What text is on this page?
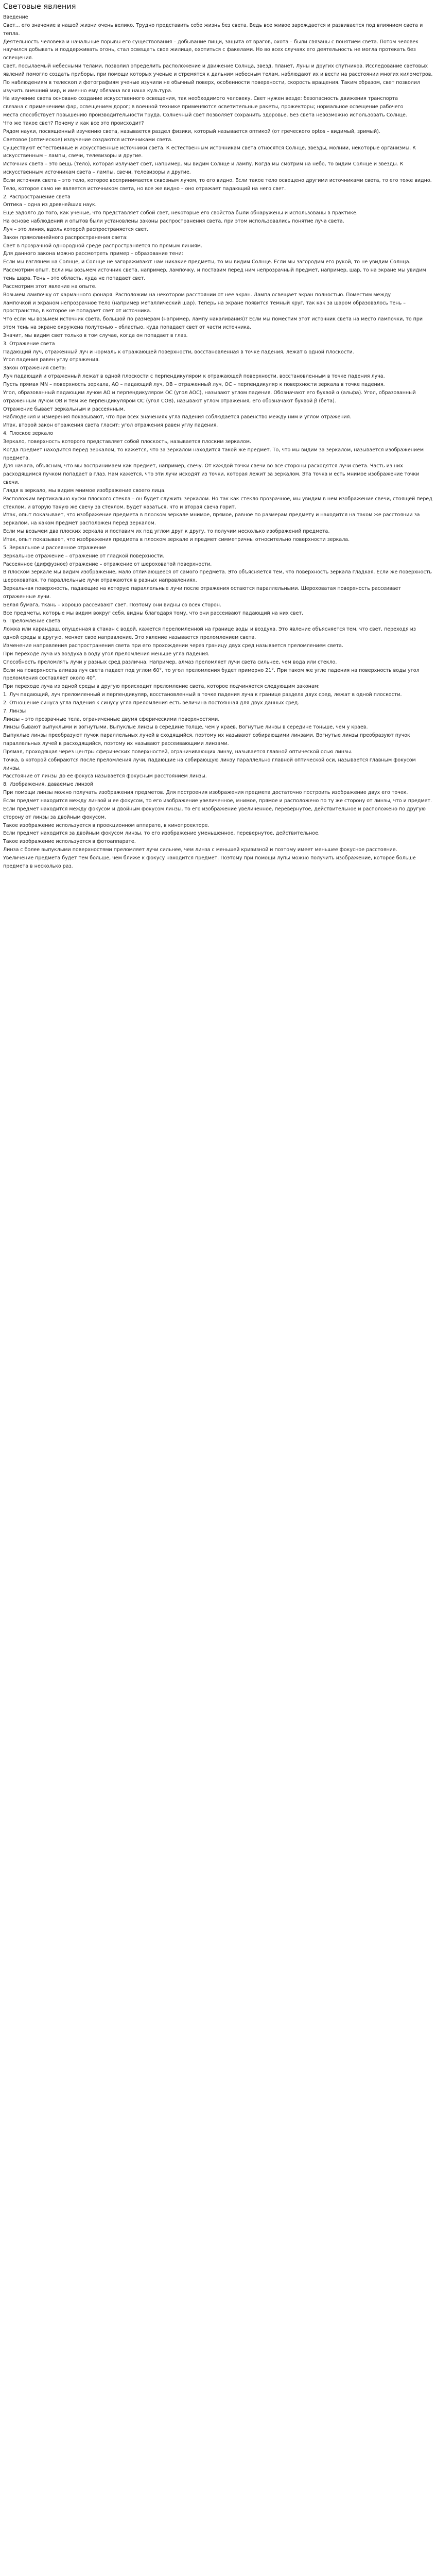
Световые явления

Введение

Свет... его значение в нашей жизни очень велико. Трудно представить себе жизнь без света. Ведь все живое зарождается и развивается под влиянием света и тепла.

Деятельность человека и начальные порывы его существования – добывание пищи, защита от врагов, охота – были связаны с понятием света. Потом человек научился добывать и поддерживать огонь, стал освещать свое жилище, охотиться с факелами. Но во всех случаях его деятельность не могла протекать без освещения.

Свет, посылаемый небесными телами, позволил определить расположение и движение Солнца, звезд, планет, Луны и других спутников. Исследование световых явлений помогло создать приборы, при помощи которых ученые и стремятся к дальним небесным телам, наблюдают их и вести на расстоянии многих километров. По наблюдениям в телескоп и фотографиям ученые изучили не обычный поверх, особенности поверхности, скорость вращения. Таким образом, свет позволил изучить внешний мир, и именно ему обязана вся наша культура.

На изучение света основано создание искусственного освещения, так необходимого человеку. Свет нужен везде: безопасность движения транспорта

связана с применением фар, освещением дорог; в военной технике применяются осветительные ракеты, прожекторы; нормальное освещение рабочего

места способствует повышению производительности труда. Солнечный свет позволяет сохранить здоровье. Без света невозможно использовать Солнце.

Что же такое свет? Почему и как все это происходит?

Рядом науки, посвященный изучению света, называется раздел физики, который называется оптикой (от греческого optos – видимый, зримый).

Световое (оптическое) излучение создаются источниками света.

Существуют естественные и искусственные источники света. К естественным источникам света относятся Солнце, звезды, молнии, некоторые организмы. К искусственным – лампы, свечи, телевизоры и другие.

Источник света – это вещь (тело), которая излучает свет, например, мы видим Солнце и лампу. Когда мы смотрим на небо, то видим Солнце и звезды. К искусственным источникам света – лампы, свечи, телевизоры и другие.

Если источник света – это тело, которое воспринимается сквозным лучом, то его видно. Если такое тело освещено другими источниками света, то его тоже видно. Тело, которое само не является источником света, но все же видно – оно отражает падающий на него свет.

2. Распространение света

Оптика – одна из древнейших наук.

Еще задолго до того, как ученые, что представляет собой свет, некоторые его свойства были обнаружены и использованы в практике.

На основе наблюдений и опытов были установлены законы распространения света, при этом использовались понятие луча света.

Луч – это линия, вдоль которой распространяется свет.

Закон прямолинейного распространения света:

Свет в прозрачной однородной среде распространяется по прямым линиям.

Для данного закона можно рассмотреть пример – образование тени:

Если мы взглянем на Солнце, и Солнце не загораживают нам никакие предметы, то мы видим Солнце. Если мы загородим его рукой, то не увидим Солнца.

Рассмотрим опыт. Если мы возьмем источник света, например, лампочку, и поставим перед ним непрозрачный предмет, например, шар, то на экране мы увидим тень шара. Тень – это область, куда не попадает свет.

Рассмотрим этот явление на опыте.

Возьмем лампочку от карманного фонаря. Расположим на некотором расстоянии от нее экран. Лампа освещает экран полностью. Поместим между

лампочкой и экраном непрозрачное тело (например металлический шар). Теперь на экране появится темный круг, так как за шаром образовалось тень – пространство, в которое не попадает свет от источника.

Что если мы возьмем источник света, большой по размерам (например, лампу накаливания)? Если мы поместим этот источник света на место лампочки, то при этом тень на экране окружена полутенью – областью, куда попадает свет от части источника.

Значит, мы видим свет только в том случае, когда он попадает в глаз.

3. Отражение света

Падающий луч, отраженный луч и нормаль к отражающей поверхности, восстановленная в точке падения, лежат в одной плоскости.

Угол падения равен углу отражения.

Закон отражения света:

Луч падающий и отраженный лежат в одной плоскости с перпендикуляром к отражающей поверхности, восстановленным в точке падения луча.

Пусть прямая MN – поверхность зеркала, AO – падающий луч, OB – отраженный луч, OC – перпендикуляр к поверхности зеркала в точке падения.

Угол, образованный падающим лучом AO и перпендикуляром OC (угол AOC), называют углом падения. Обозначают его буквой α (альфа). Угол, образованный отраженным лучом OB и тем же перпендикуляром OC (угол COB), называют углом отражения, его обозначают буквой β (бета).

Отражение бывает зеркальным и рассеянным.

Наблюдения и измерения показывают, что при всех значениях угла падения соблюдается равенство между ним и углом отражения.

Итак, второй закон отражения света гласит: угол отражения равен углу падения.

4. Плоское зеркало

Зеркало, поверхность которого представляет собой плоскость, называется плоским зеркалом.

Когда предмет находится перед зеркалом, то кажется, что за зеркалом находится такой же предмет. То, что мы видим за зеркалом, называется изображением предмета.

Для начала, объясним, что мы воспринимаем как предмет, например, свечу. От каждой точки свечи во все стороны расходятся лучи света. Часть из них расходящимся пучком попадает в глаз. Нам кажется, что эти лучи исходят из точки, которая лежит за зеркалом. Эта точка и есть мнимое изображение точки свечи.

Глядя в зеркало, мы видим мнимое изображение своего лица.

Расположим вертикально куски плоского стекла – он будет служить зеркалом. Но так как стекло прозрачное, мы увидим в нем изображение свечи, стоящей перед стеклом, и вторую такую же свечу за стеклом. Будет казаться, что и вторая свеча горит.

Итак, опыт показывает, что изображение предмета в плоском зеркале мнимое, прямое, равное по размерам предмету и находится на таком же расстоянии за зеркалом, на каком предмет расположен перед зеркалом.

Если мы возьмем два плоских зеркала и поставим их под углом друг к другу, то получим несколько изображений предмета.

Итак, опыт показывает, что изображения предмета в плоском зеркале и предмет симметричны относительно поверхности зеркала.

5. Зеркальное и рассеянное отражение

Зеркальное отражение – отражение от гладкой поверхности.

Рассеянное (диффузное) отражение – отражение от шероховатой поверхности.

В плоском зеркале мы видим изображение, мало отличающееся от самого предмета. Это объясняется тем, что поверхность зеркала гладкая. Если же поверхность шероховатая, то параллельные лучи отражаются в разных направлениях.

Зеркальная поверхность, падающие на которую параллельные лучи после отражения остаются параллельными. Шероховатая поверхность рассеивает отраженные лучи.

Белая бумага, ткань – хорошо рассеивают свет. Поэтому они видны со всех сторон.

Все предметы, которые мы видим вокруг себя, видны благодаря тому, что они рассеивают падающий на них свет.

6. Преломление света

Ложка или карандаш, опущенная в стакан с водой, кажется переломленной на границе воды и воздуха. Это явление объясняется тем, что свет, переходя из одной среды в другую, меняет свое направление. Это явление называется преломлением света.

Изменение направления распространения света при его прохождении через границу двух сред называется преломлением света.

При переходе луча из воздуха в воду угол преломления меньше угла падения.

Способность преломлять лучи у разных сред различна. Например, алмаз преломляет лучи света сильнее, чем вода или стекло.

Если на поверхность алмаза луч света падает под углом 60°, то угол преломления будет примерно 21°. При таком же угле падения на поверхность воды угол преломления составляет около 40°.

При переходе луча из одной среды в другую происходит преломление света, которое подчиняется следующим законам:

1. Луч падающий, луч преломленный и перпендикуляр, восстановленный в точке падения луча к границе раздела двух сред, лежат в одной плоскости.

2. Отношение синуса угла падения к синусу угла преломления есть величина постоянная для двух данных сред.

7. Линзы

Линзы – это прозрачные тела, ограниченные двумя сферическими поверхностями.

Линзы бывают выпуклыми и вогнутыми. Выпуклые линзы в середине толще, чем у краев. Вогнутые линзы в середине тоньше, чем у краев.

Выпуклые линзы преобразуют пучок параллельных лучей в сходящийся, поэтому их называют собирающими линзами. Вогнутые линзы преобразуют пучок параллельных лучей в расходящийся, поэтому их называют рассеивающими линзами.

Прямая, проходящая через центры сферических поверхностей, ограничивающих линзу, называется главной оптической осью линзы.

Точка, в которой собираются после преломления лучи, падающие на собирающую линзу параллельно главной оптической оси, называется главным фокусом линзы.

Расстояние от линзы до ее фокуса называется фокусным расстоянием линзы.

8. Изображения, даваемые линзой

При помощи линзы можно получать изображения предметов. Для построения изображения предмета достаточно построить изображение двух его точек.

Если предмет находится между линзой и ее фокусом, то его изображение увеличенное, мнимое, прямое и расположено по ту же сторону от линзы, что и предмет.

Если предмет находится между фокусом и двойным фокусом линзы, то его изображение увеличенное, перевернутое, действительное и расположено по другую сторону от линзы за двойным фокусом.

Такое изображение используется в проекционном аппарате, в кинопроекторе.

Если предмет находится за двойным фокусом линзы, то его изображение уменьшенное, перевернутое, действительное.

Такое изображение используется в фотоаппарате.

Линза с более выпуклыми поверхностями преломляет лучи сильнее, чем линза с меньшей кривизной и поэтому имеет меньшее фокусное расстояние.

Увеличение предмета будет тем больше, чем ближе к фокусу находится предмет. Поэтому при помощи лупы можно получить изображение, которое больше предмета в несколько раз.
